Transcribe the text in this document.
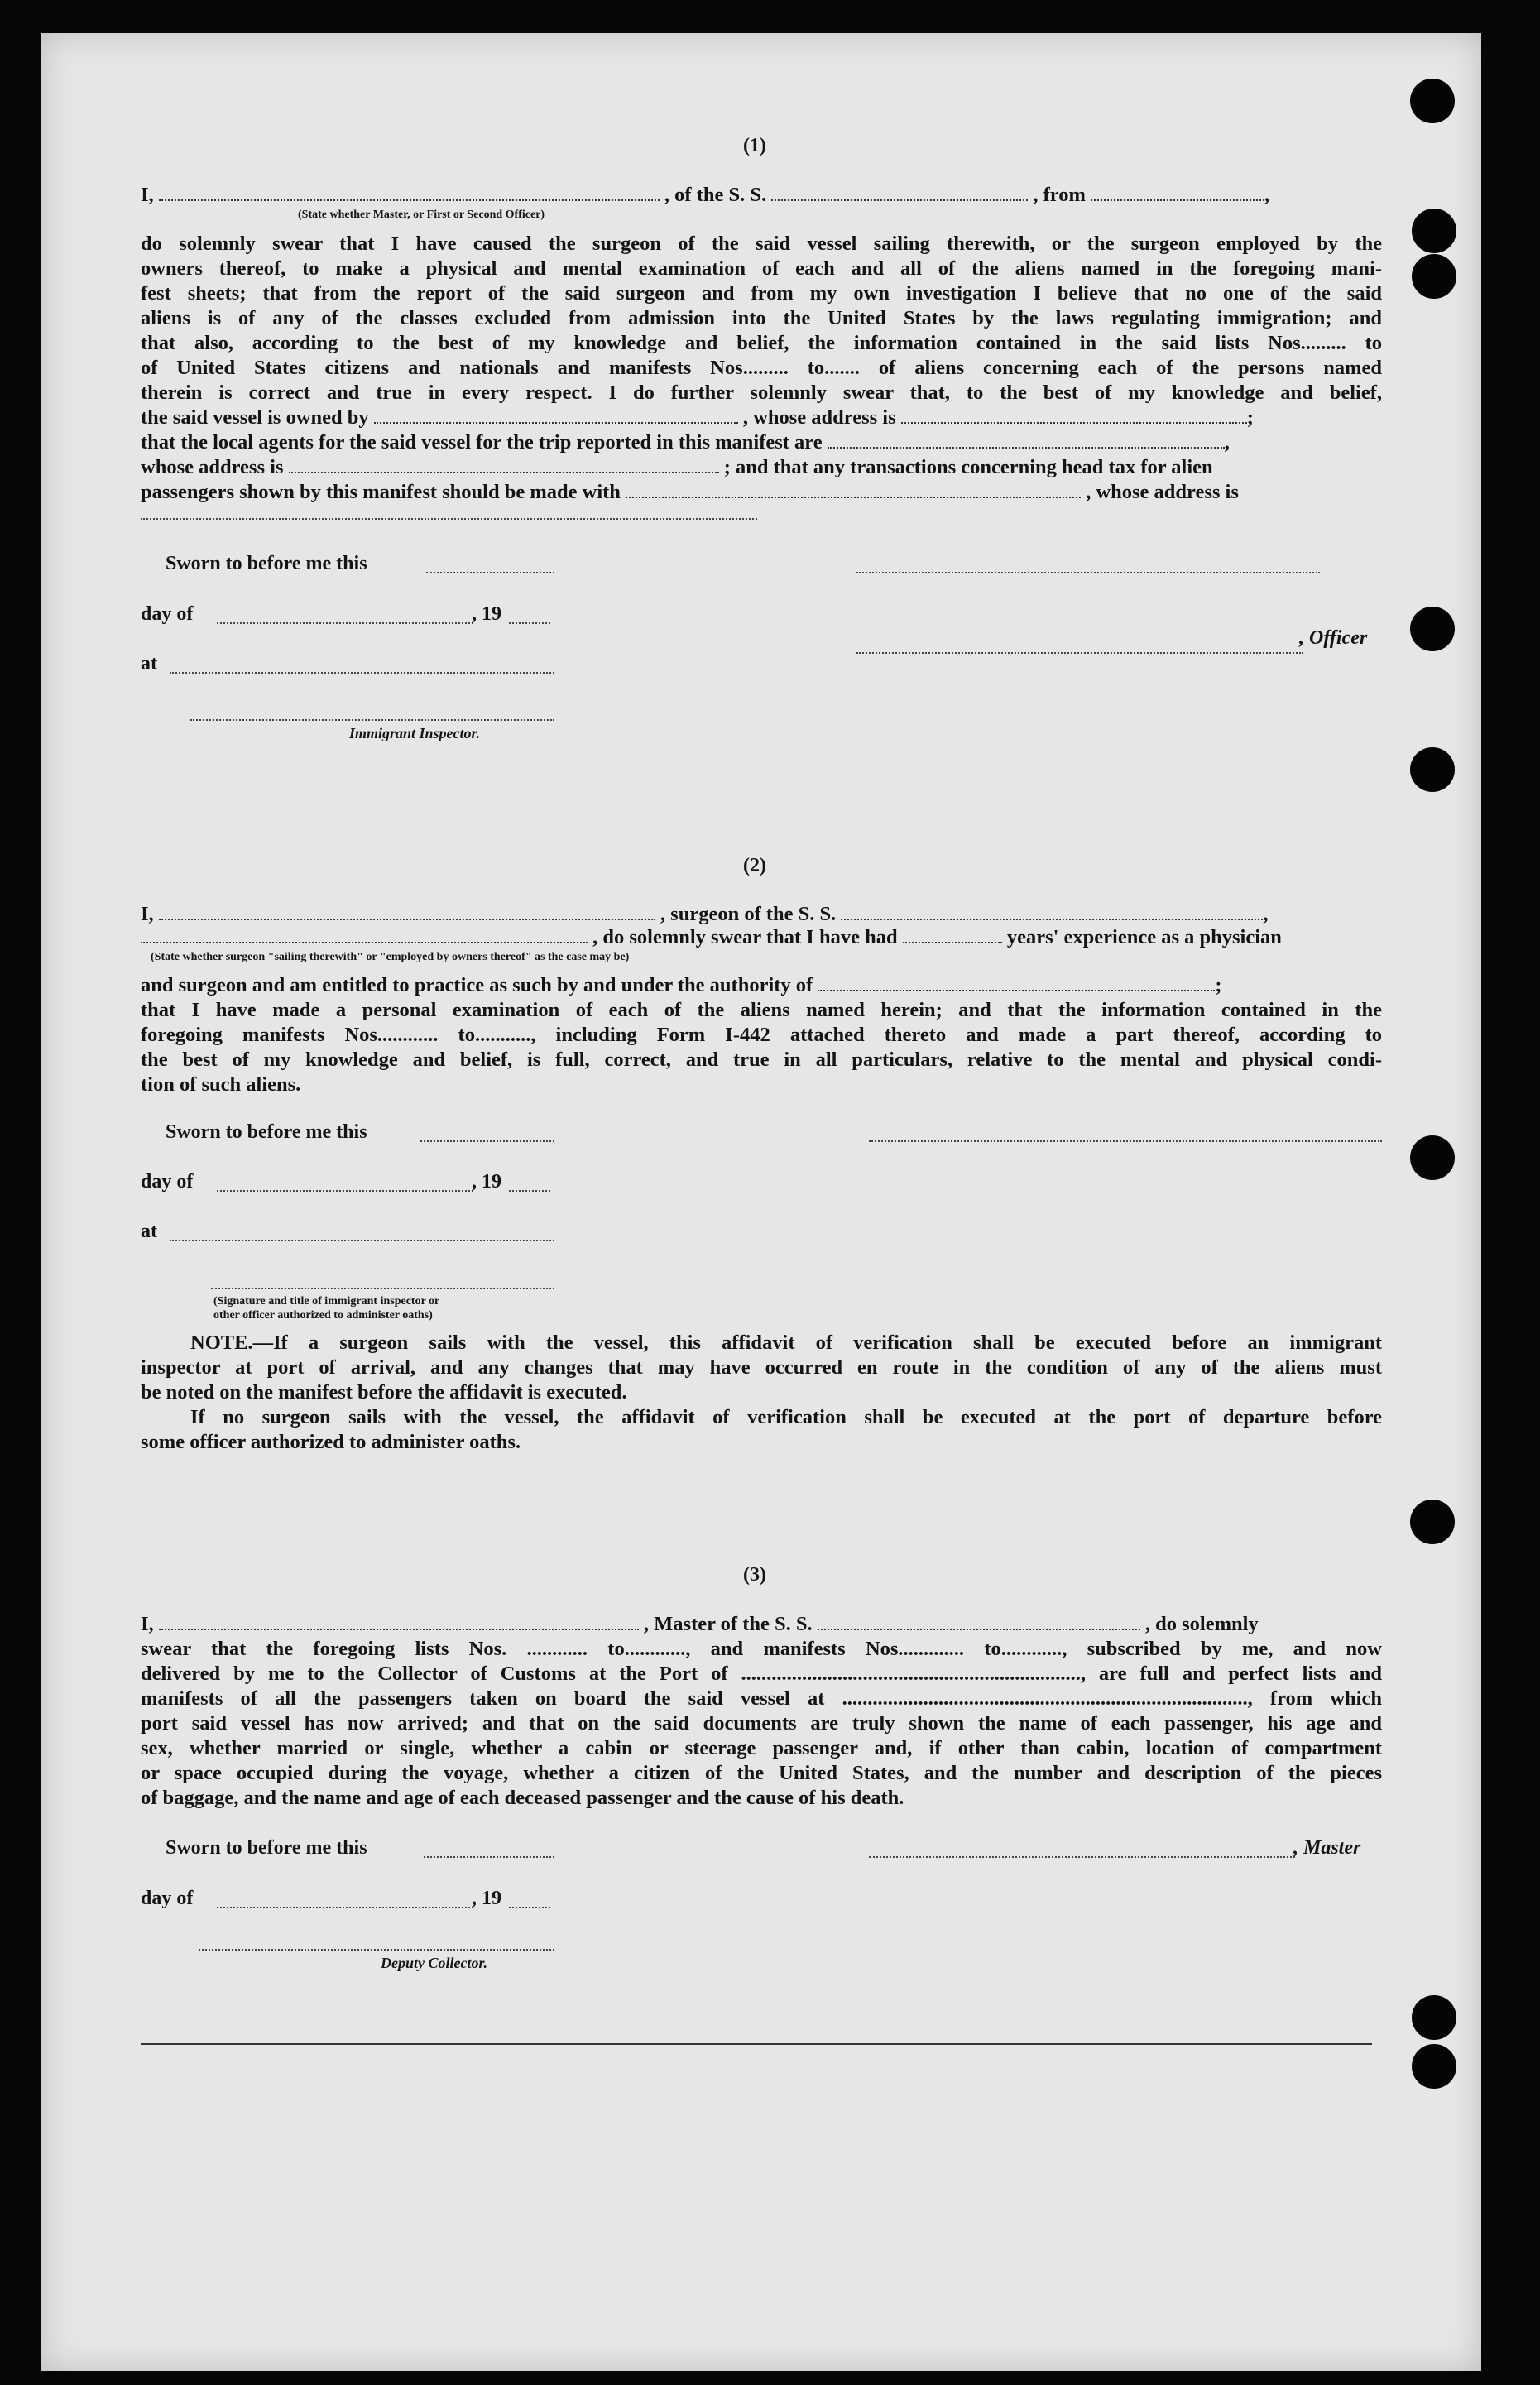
(1)
I,	, of the S. S.	, from	,
(State whether Master, or First or Second Officer)
do solemnly swear that I have caused the surgeon of the said vessel sailing therewith, or the surgeon employed by the
owners thereof, to make a physical and mental examination of each and all of the aliens named in the foregoing mani-
fest sheets; that from the report of the said surgeon and from my own investigation I believe that no one of the said
aliens is of any of the classes excluded from admission into the United States by the laws regulating immigration; and
that also, according to the best of my knowledge and belief, the information contained in the said lists Nos......... to
of United States citizens and nationals and manifests Nos......... to....... of aliens concerning each of the persons named
therein is correct and true in every respect. I do further solemnly swear that, to the best of my knowledge and belief,
the said vessel is owned by	, whose address is	;
that the local agents for the said vessel for the trip reported in this manifest are	,
whose address is	; and that any transactions concerning head tax for alien
passengers shown by this manifest should be made with	, whose address is
Sworn to before me this
day of	, 19
at
, Officer
Immigrant Inspector.
(2)
I,	, surgeon of the S. S.	,
, do solemnly swear that I have had	years' experience as a physician
(State whether surgeon "sailing therewith" or "employed by owners thereof" as the case may be)
and surgeon and am entitled to practice as such by and under the authority of	;
that I have made a personal examination of each of the aliens named herein; and that the information contained in the
foregoing manifests Nos............ to..........., including Form I-442 attached thereto and made a part thereof, according to
the best of my knowledge and belief, is full, correct, and true in all particulars, relative to the mental and physical condi-
tion of such aliens.
Sworn to before me this
day of	, 19
at
(Signature and title of immigrant inspector or
other officer authorized to administer oaths)
NOTE.—If a surgeon sails with the vessel, this affidavit of verification shall be executed before an immigrant
inspector at port of arrival, and any changes that may have occurred en route in the condition of any of the aliens must
be noted on the manifest before the affidavit is executed.
If no surgeon sails with the vessel, the affidavit of verification shall be executed at the port of departure before
some officer authorized to administer oaths.
(3)
I,	, Master of the S. S.	, do solemnly
swear that the foregoing lists Nos. ............ to............, and manifests Nos............. to............, subscribed by me, and now
delivered by me to the Collector of Customs at the Port of ..................................................................., are full and perfect lists and
manifests of all the passengers taken on board the said vessel at ................................................................................, from which
port said vessel has now arrived; and that on the said documents are truly shown the name of each passenger, his age and
sex, whether married or single, whether a cabin or steerage passenger and, if other than cabin, location of compartment
or space occupied during the voyage, whether a citizen of the United States, and the number and description of the pieces
of baggage, and the name and age of each deceased passenger and the cause of his death.
Sworn to before me this	, Master
day of	, 19
Deputy Collector.
